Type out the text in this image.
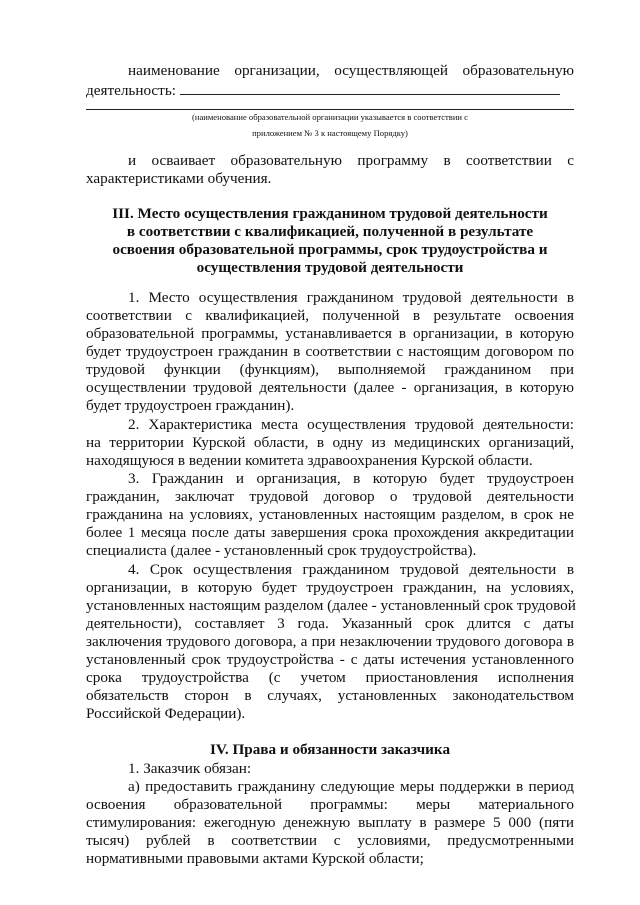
наименование организации, осуществляющей образовательную
деятельность:
(наименование образовательной организации указывается в соответствии с
приложением № 3 к настоящему Порядку)
и осваивает образовательную программу в соответствии с
характеристиками обучения.
III. Место осуществления гражданином трудовой деятельности
в соответствии с квалификацией, полученной в результате
освоения образовательной программы, срок трудоустройства и
осуществления трудовой деятельности
1. Место осуществления гражданином трудовой деятельности в
соответствии с квалификацией, полученной в результате освоения
образовательной программы, устанавливается в организации, в которую
будет трудоустроен гражданин в соответствии с настоящим договором по
трудовой функции (функциям), выполняемой гражданином при
осуществлении трудовой деятельности (далее - организация, в которую
будет трудоустроен гражданин).
2. Характеристика места осуществления трудовой деятельности:
на территории Курской области, в одну из медицинских организаций,
находящуюся в ведении комитета здравоохранения Курской области.
3. Гражданин и организация, в которую будет трудоустроен
гражданин, заключат трудовой договор о трудовой деятельности
гражданина на условиях, установленных настоящим разделом, в срок не
более 1 месяца после даты завершения срока прохождения аккредитации
специалиста (далее - установленный срок трудоустройства).
4. Срок осуществления гражданином трудовой деятельности в
организации, в которую будет трудоустроен гражданин, на условиях,
установленных настоящим разделом (далее - установленный срок трудовой
деятельности), составляет 3 года. Указанный срок длится с даты
заключения трудового договора, а при незаключении трудового договора в
установленный срок трудоустройства - с даты истечения установленного
срока трудоустройства (с учетом приостановления исполнения
обязательств сторон в случаях, установленных законодательством
Российской Федерации).
IV. Права и обязанности заказчика
1. Заказчик обязан:
а) предоставить гражданину следующие меры поддержки в период
освоения образовательной программы: меры материального
стимулирования: ежегодную денежную выплату в размере 5 000 (пяти
тысяч) рублей в соответствии с условиями, предусмотренными
нормативными правовыми актами Курской области;
